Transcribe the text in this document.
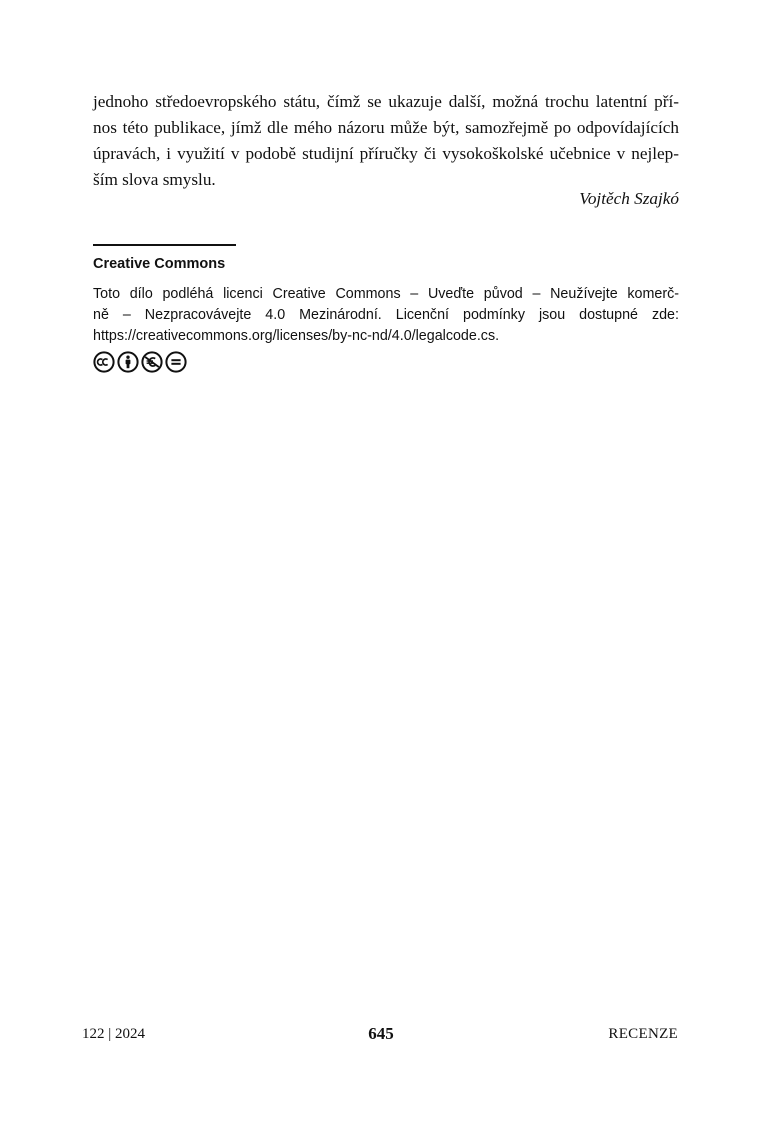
jednoho středoevropského státu, čímž se ukazuje další, možná trochu latentní pří-
nos této publikace, jímž dle mého názoru může být, samozřejmě po odpovídajících
úpravách, i využití v podobě studijní příručky či vysokoškolské učebnice v nejlep-
ším slova smyslu.

Vojtěch Szajkó
Creative Commons
Toto dílo podléhá licenci Creative Commons – Uveďte původ – Neužívejte komerč-
ně – Nezpracovávejte 4.0 Mezinárodní. Licenční podmínky jsou dostupné zde:
https://creativecommons.org/licenses/by-nc-nd/4.0/legalcode.cs.
122 | 2024	645	RECENZE
